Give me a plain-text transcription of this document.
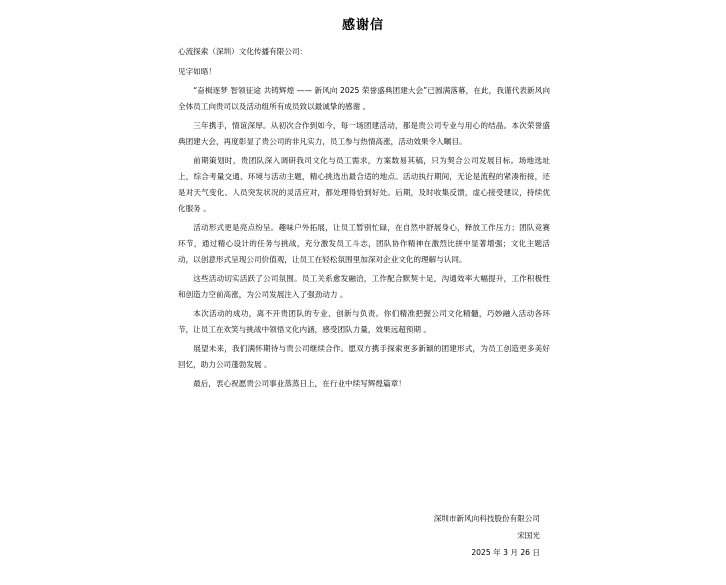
感谢信

心流探索（深圳）文化传播有限公司：

见字如晤！

“奋楫逐梦 智领征途 共铸辉煌 —— 新风向 2025 荣誉盛典团建大会”已圆满落幕，在此，我谨代表新风向全体员工向贵司以及活动组所有成员致以最诚挚的感谢 。

三年携手，情谊深厚。从初次合作到如今，每一场团建活动，都是贵公司专业与用心的结晶。本次荣誉盛典团建大会，再度彰显了贵公司的非凡实力，员工参与热情高涨，活动效果令人瞩目。

前期策划时，贵团队深入调研我司文化与员工需求，方案数易其稿，只为契合公司发展目标。场地选址上，综合考量交通、环境与活动主题，精心挑选出最合适的地点。活动执行期间，无论是流程的紧凑衔接，还是对天气变化、人员突发状况的灵活应对，都处理得恰到好处。后期，及时收集反馈，虚心接受建议，持续优化服务 。

活动形式更是亮点纷呈。趣味户外拓展，让员工暂别忙碌，在自然中舒展身心，释放工作压力；团队竞赛环节，通过精心设计的任务与挑战，充分激发员工斗志，团队协作精神在激烈比拼中显著增强；文化主题活动，以创意形式呈现公司价值观，让员工在轻松氛围里加深对企业文化的理解与认同。

这些活动切实活跃了公司氛围。员工关系愈发融洽，工作配合默契十足，沟通效率大幅提升，工作积极性和创造力空前高涨，为公司发展注入了强劲动力 。

本次活动的成功，离不开贵团队的专业、创新与负责。你们精准把握公司文化精髓，巧妙融入活动各环节，让员工在欢笑与挑战中领悟文化内涵，感受团队力量，效果远超预期 。

展望未来，我们满怀期待与贵公司继续合作。愿双方携手探索更多新颖的团建形式，为员工创造更多美好回忆，助力公司蓬勃发展 。

最后，衷心祝愿贵公司事业蒸蒸日上，在行业中续写辉煌篇章！

深圳市新风向科技股份有限公司
宋国光
2025 年 3 月 26 日
